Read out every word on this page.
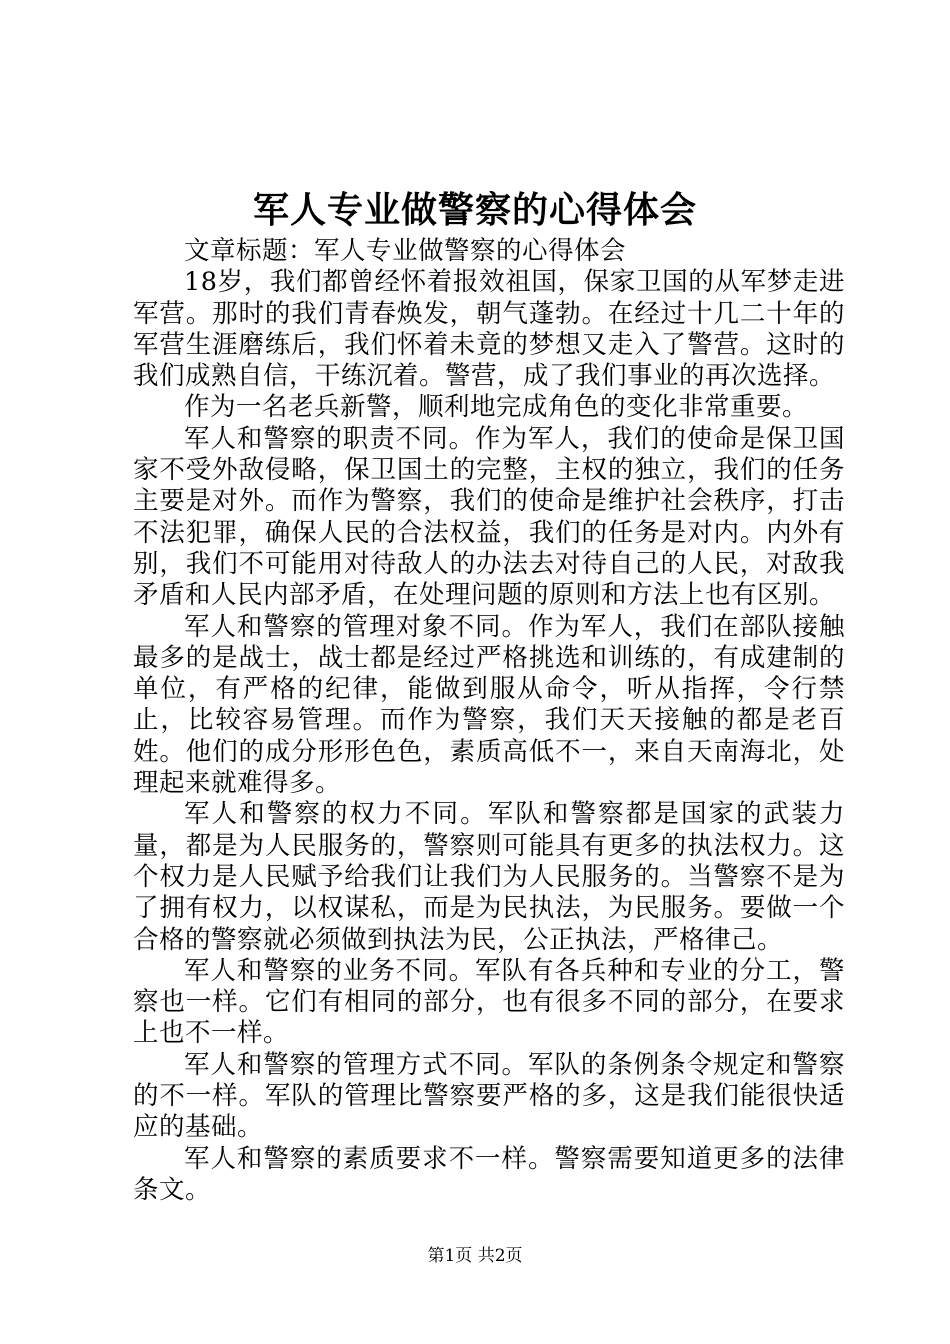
军人专业做警察的心得体会

文章标题：军人专业做警察的心得体会

18岁，我们都曾经怀着报效祖国，保家卫国的从军梦走进军营。那时的我们青春焕发，朝气蓬勃。在经过十几二十年的军营生涯磨练后，我们怀着未竟的梦想又走入了警营。这时的我们成熟自信，干练沉着。警营，成了我们事业的再次选择。

作为一名老兵新警，顺利地完成角色的变化非常重要。

军人和警察的职责不同。作为军人，我们的使命是保卫国家不受外敌侵略，保卫国土的完整，主权的独立，我们的任务主要是对外。而作为警察，我们的使命是维护社会秩序，打击不法犯罪，确保人民的合法权益，我们的任务是对内。内外有别，我们不可能用对待敌人的办法去对待自己的人民，对敌我矛盾和人民内部矛盾，在处理问题的原则和方法上也有区别。

军人和警察的管理对象不同。作为军人，我们在部队接触最多的是战士，战士都是经过严格挑选和训练的，有成建制的单位，有严格的纪律，能做到服从命令，听从指挥，令行禁止，比较容易管理。而作为警察，我们天天接触的都是老百姓。他们的成分形形色色，素质高低不一，来自天南海北，处理起来就难得多。

军人和警察的权力不同。军队和警察都是国家的武装力量，都是为人民服务的，警察则可能具有更多的执法权力。这个权力是人民赋予给我们让我们为人民服务的。当警察不是为了拥有权力，以权谋私，而是为民执法，为民服务。要做一个合格的警察就必须做到执法为民，公正执法，严格律己。

军人和警察的业务不同。军队有各兵种和专业的分工，警察也一样。它们有相同的部分，也有很多不同的部分，在要求上也不一样。

军人和警察的管理方式不同。军队的条例条令规定和警察的不一样。军队的管理比警察要严格的多，这是我们能很快适应的基础。

军人和警察的素质要求不一样。警察需要知道更多的法律条文。

第1页 共2页
